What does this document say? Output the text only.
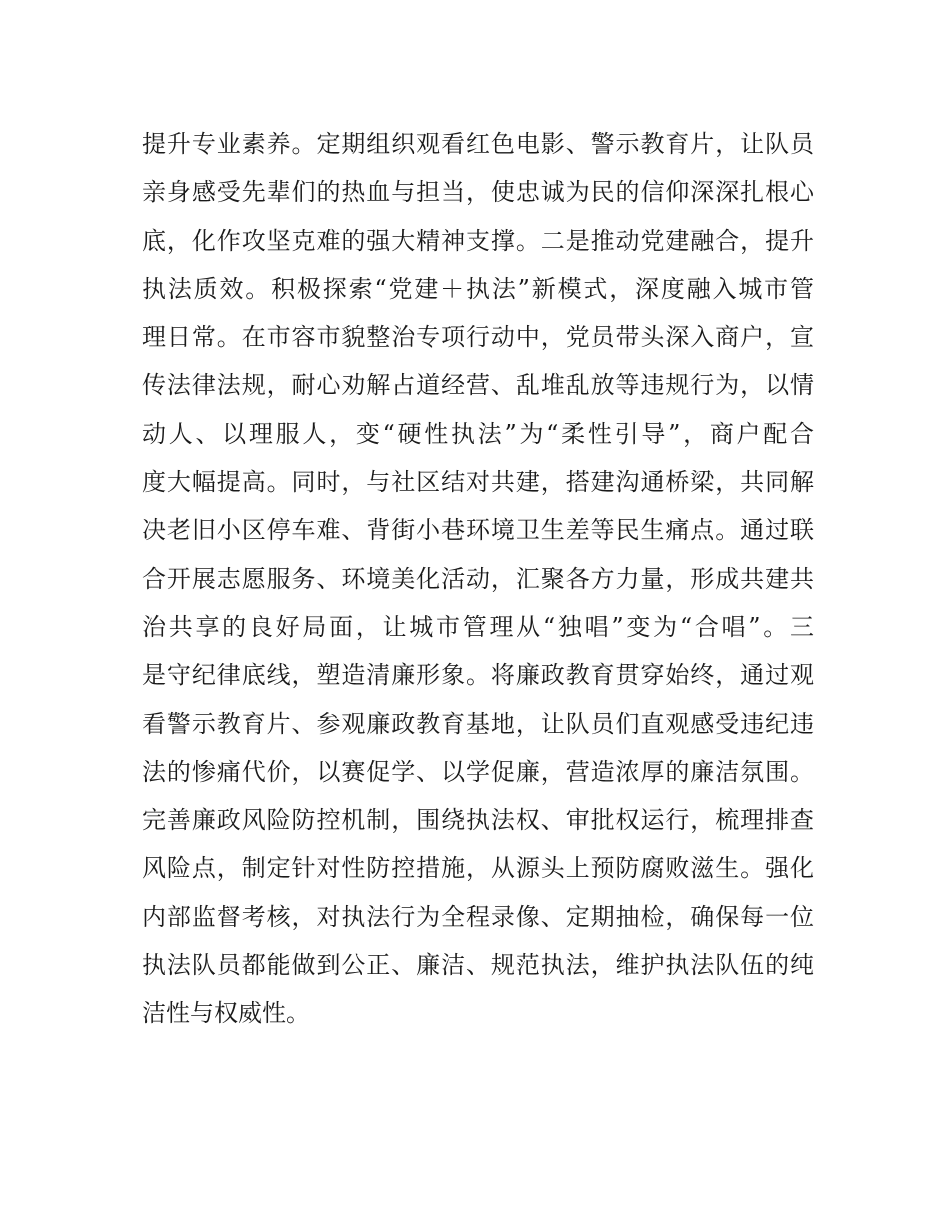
提升专业素养。定期组织观看红色电影、警示教育片，让队员
亲身感受先辈们的热血与担当，使忠诚为民的信仰深深扎根心
底，化作攻坚克难的强大精神支撑。二是推动党建融合，提升
执法质效。积极探索“党建＋执法”新模式，深度融入城市管
理日常。在市容市貌整治专项行动中，党员带头深入商户，宣
传法律法规，耐心劝解占道经营、乱堆乱放等违规行为，以情
动人、以理服人，变“硬性执法”为“柔性引导”，商户配合
度大幅提高。同时，与社区结对共建，搭建沟通桥梁，共同解
决老旧小区停车难、背街小巷环境卫生差等民生痛点。通过联
合开展志愿服务、环境美化活动，汇聚各方力量，形成共建共
治共享的良好局面，让城市管理从“独唱”变为“合唱”。三
是守纪律底线，塑造清廉形象。将廉政教育贯穿始终，通过观
看警示教育片、参观廉政教育基地，让队员们直观感受违纪违
法的惨痛代价，以赛促学、以学促廉，营造浓厚的廉洁氛围。
完善廉政风险防控机制，围绕执法权、审批权运行，梳理排查
风险点，制定针对性防控措施，从源头上预防腐败滋生。强化
内部监督考核，对执法行为全程录像、定期抽检，确保每一位
执法队员都能做到公正、廉洁、规范执法，维护执法队伍的纯
洁性与权威性。
